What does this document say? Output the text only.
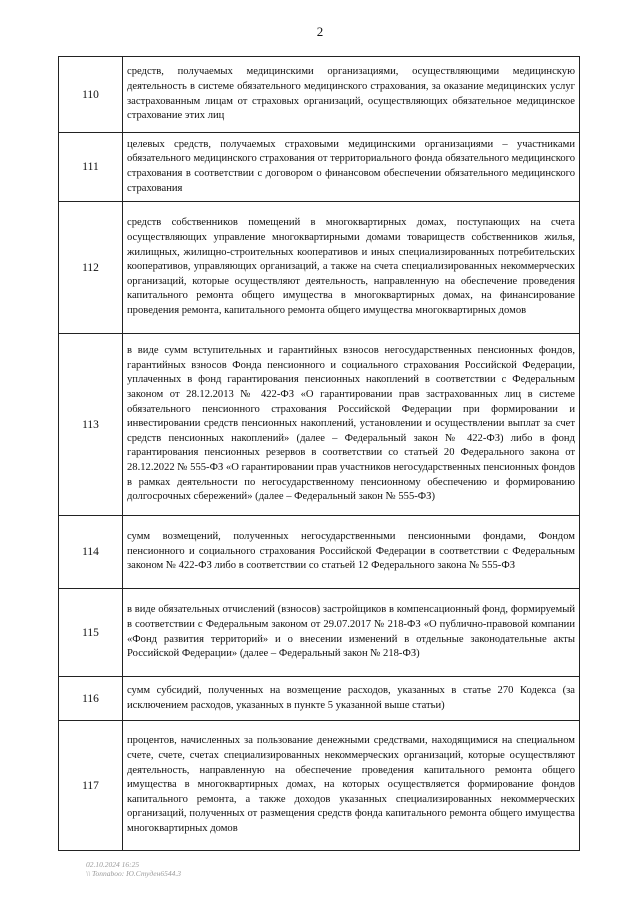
2
110	средств, получаемых медицинскими организациями, осуществляющими медицинскую деятельность в системе обязательного медицинского страхования, за оказание медицинских услуг застрахованным лицам от страховых организаций, осуществляющих обязательное медицинское страхование этих лиц
111	целевых средств, получаемых страховыми медицинскими организациями – участниками обязательного медицинского страхования от территориального фонда обязательного медицинского страхования в соответствии с договором о финансовом обеспечении обязательного медицинского страхования
112	средств собственников помещений в многоквартирных домах, поступающих на счета осуществляющих управление многоквартирными домами товариществ собственников жилья, жилищных, жилищно-строительных кооперативов и иных специализированных потребительских кооперативов, управляющих организаций, а также на счета специализированных некоммерческих организаций, которые осуществляют деятельность, направленную на обеспечение проведения капитального ремонта общего имущества в многоквартирных домах, на финансирование проведения ремонта, капитального ремонта общего имущества многоквартирных домов
113	в виде сумм вступительных и гарантийных взносов негосударственных пенсионных фондов, гарантийных взносов Фонда пенсионного и социального страхования Российской Федерации, уплаченных в фонд гарантирования пенсионных накоплений в соответствии с Федеральным законом от 28.12.2013 № 422-ФЗ «О гарантировании прав застрахованных лиц в системе обязательного пенсионного страхования Российской Федерации при формировании и инвестировании средств пенсионных накоплений, установлении и осуществлении выплат за счет средств пенсионных накоплений» (далее – Федеральный закон № 422-ФЗ) либо в фонд гарантирования пенсионных резервов в соответствии со статьей 20 Федерального закона от 28.12.2022 № 555-ФЗ «О гарантировании прав участников негосударственных пенсионных фондов в рамках деятельности по негосударственному пенсионному обеспечению и формированию долгосрочных сбережений» (далее – Федеральный закон № 555-ФЗ)
114	сумм возмещений, полученных негосударственными пенсионными фондами, Фондом пенсионного и социального страхования Российской Федерации в соответствии с Федеральным законом № 422-ФЗ либо в соответствии со статьей 12 Федерального закона № 555-ФЗ
115	в виде обязательных отчислений (взносов) застройщиков в компенсационный фонд, формируемый в соответствии с Федеральным законом от 29.07.2017 № 218-ФЗ «О публично-правовой компании «Фонд развития территорий» и о внесении изменений в отдельные законодательные акты Российской Федерации» (далее – Федеральный закон № 218-ФЗ)
116	сумм субсидий, полученных на возмещение расходов, указанных в статье 270 Кодекса (за исключением расходов, указанных в пункте 5 указанной выше статьи)
117	процентов, начисленных за пользование денежными средствами, находящимися на специальном счете, счете, счетах специализированных некоммерческих организаций, которые осуществляют деятельность, направленную на обеспечение проведения капитального ремонта общего имущества в многоквартирных домах, на которых осуществляется формирование фондов капитального ремонта, а также доходов указанных специализированных некоммерческих организаций, полученных от размещения средств фонда капитального ремонта общего имущества многоквартирных домов
02.10.2024 16:25
\\ Tonnaboo: Ю.Студен6544.3
